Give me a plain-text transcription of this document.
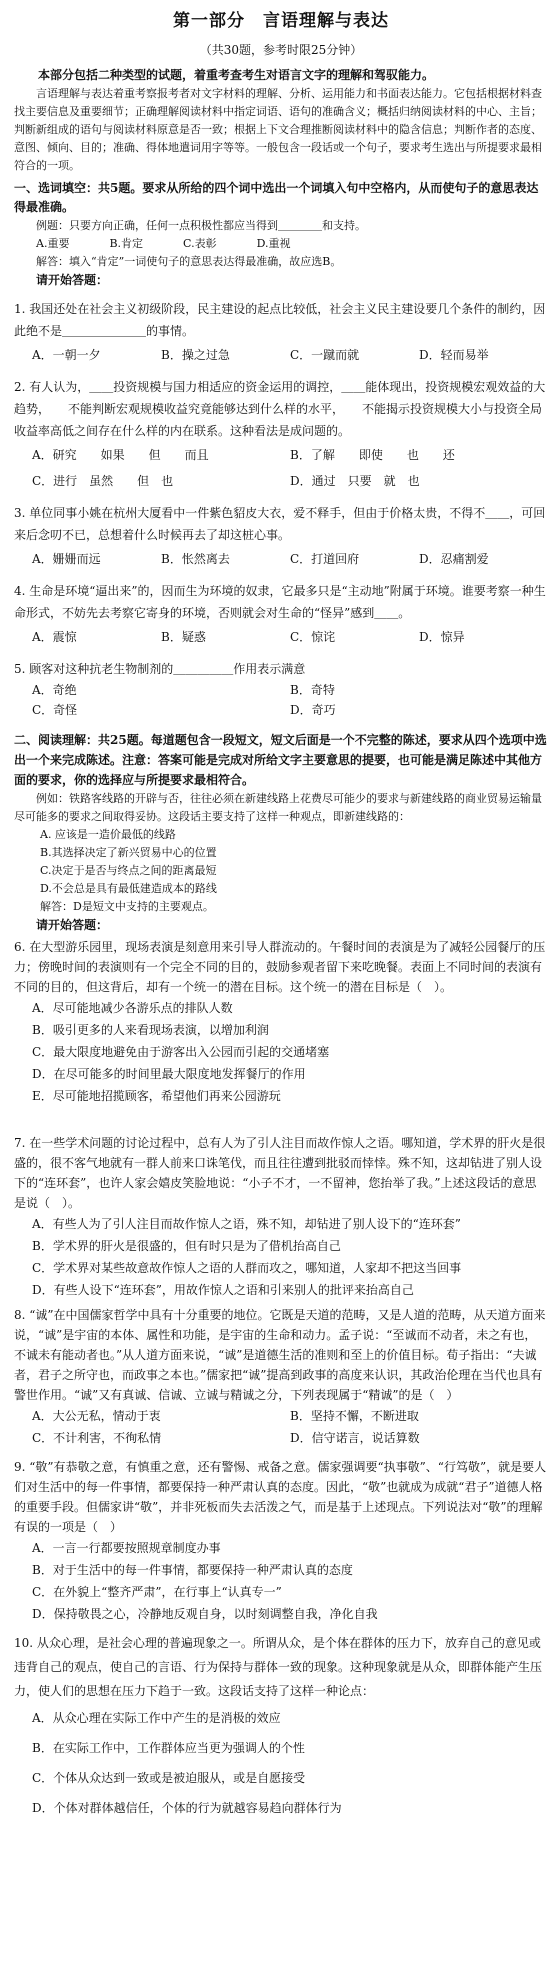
第一部分　言语理解与表达
（共30题，参考时限25分钟）
本部分包括二种类型的试题，着重考查考生对语言文字的理解和驾驭能力。
言语理解与表达着重考察报考者对文字材料的理解、分析、运用能力和书面表达能力。它包括根据材料查找主要信息及重要细节；正确理解阅读材料中指定词语、语句的准确含义；概括归纳阅读材料的中心、主旨；判断新组成的语句与阅读材料原意是否一致；根据上下文合理推断阅读材料中的隐含信息；判断作者的态度、意图、倾向、目的；准确、得体地遣词用字等等。一般包含一段话或一个句子，要求考生选出与所提要求最相符合的一项。
一、选词填空：共5题。要求从所给的四个词中选出一个词填入句中空格内，从而使句子的意思表达得最准确。
例题：只要方向正确，任何一点积极性都应当得到＿＿＿＿和支持。
A.重要	B.肯定	C.表彰	D.重视
解答：填入“肯定”一词使句子的意思表达得最准确，故应选B。
请开始答题：
1. 我国还处在社会主义初级阶段，民主建设的起点比较低，社会主义民主建设要几个条件的制约，因此绝不是＿＿＿＿＿＿＿的事情。
A．一朝一夕	B．操之过急	C．一蹴而就	D．轻而易举
2. 有人认为，＿＿投资规模与国力相适应的资金运用的调控，＿＿能体现出，投资规模宏观效益的大趋势，　　不能判断宏观规模收益究竟能够达到什么样的水平，　　不能揭示投资规模大小与投资全局收益率高低之间存在什么样的内在联系。这种看法是成问题的。
A．研究　　如果　　但　　而且	B．了解　　即使　　也　　还
C．进行　虽然　　但　也	D．通过　只要　就　也
3. 单位同事小姚在杭州大厦看中一件紫色貂皮大衣，爱不释手，但由于价格太贵，不得不＿＿，可回来后念叨不已，总想着什么时候再去了却这桩心事。
A．姗姗而远	B．怅然离去	C．打道回府	D．忍痛割爱
4. 生命是环境“逼出来”的，因而生为环境的奴隶，它最多只是“主动地”附属于环境。谁要考察一种生命形式，不妨先去考察它寄身的环境，否则就会对生命的“怪异”感到＿＿。
A．震惊	B．疑惑	C．惊诧	D．惊异
5. 顾客对这种抗老生物制剂的＿＿＿＿＿作用表示满意
A．奇绝	B．奇特
C．奇怪	D．奇巧
二、阅读理解：共25题。每道题包含一段短文，短文后面是一个不完整的陈述，要求从四个选项中选出一个来完成陈述。注意：答案可能是完成对所给文字主要意思的提要，也可能是满足陈述中其他方面的要求，你的选择应与所提要求最相符合。
例如：铁路客线路的开辟与否，往往必须在新建线路上花费尽可能少的要求与新建线路的商业贸易运输量尽可能多的要求之间取得妥协。这段话主要支持了这样一种观点，即新建线路的：
A. 应该是一造价最低的线路
B.其选择决定了新兴贸易中心的位置
C.决定于是否与终点之间的距离最短
D.不会总是具有最低建造成本的路线
解答：D是短文中支持的主要观点。
请开始答题：
6. 在大型游乐园里，现场表演是刻意用来引导人群流动的。午餐时间的表演是为了减轻公园餐厅的压力；傍晚时间的表演则有一个完全不同的目的，鼓励参观者留下来吃晚餐。表面上不同时间的表演有不同的目的，但这背后，却有一个统一的潜在目标。这个统一的潜在目标是（　）。
A．尽可能地减少各游乐点的排队人数
B．吸引更多的人来看现场表演，以增加利润
C．最大限度地避免由于游客出入公园而引起的交通堵塞
D．在尽可能多的时间里最大限度地发挥餐厅的作用
E．尽可能地招揽顾客，希望他们再来公园游玩
7. 在一些学术问题的讨论过程中，总有人为了引人注目而故作惊人之语。哪知道，学术界的肝火是很盛的，很不客气地就有一群人前来口诛笔伐，而且往往遭到批驳而悻悻。殊不知，这却钻进了别人设下的“连环套”，也许人家会嬉皮笑脸地说：“小子不才，一不留神，您抬举了我。”上述这段话的意思是说（　）。
A．有些人为了引人注目而故作惊人之语，殊不知，却钻进了别人设下的“连环套”
B．学术界的肝火是很盛的，但有时只是为了借机抬高自己
C．学术界对某些故意故作惊人之语的人群而攻之，哪知道，人家却不把这当回事
D．有些人设下“连环套”，用故作惊人之语和引来别人的批评来抬高自己
8. “诚”在中国儒家哲学中具有十分重要的地位。它既是天道的范畴，又是人道的范畴，从天道方面来说，“诚”是宇宙的本体、属性和功能，是宇宙的生命和动力。孟子说：“至诚而不动者，未之有也，不诚未有能动者也。”从人道方面来说，“诚”是道德生活的准则和至上的价值目标。荀子指出：“夫诚者，君子之所守也，而政事之本也。”儒家把“诚”提高到政事的高度来认识，其政治伦理在当代也具有警世作用。“诚”又有真诚、信诚、立诚与精诚之分，下列表现属于“精诚”的是（　）
A．大公无私，情动于衷	B．坚持不懈，不断进取
C．不计利害，不徇私情	D．信守诺言，说话算数
9. “敬”有恭敬之意，有慎重之意，还有警惕、戒备之意。儒家强调要“执事敬”、“行笃敬”，就是要人们对生活中的每一件事情，都要保持一种严肃认真的态度。因此，“敬”也就成为成就“君子”道德人格的重要手段。但儒家讲“敬”，并非死板而失去活泼之气，而是基于上述现点。下列说法对“敬”的理解有误的一项是（　）
A．一言一行都要按照规章制度办事
B．对于生活中的每一件事情，都要保持一种严肃认真的态度
C．在外貌上“整齐严肃”，在行事上“认真专一”
D．保持敬畏之心，冷静地反观自身，以时刻调整自我，净化自我
10. 从众心理，是社会心理的普遍现象之一。所谓从众，是个体在群体的压力下，放弃自己的意见或违背自己的观点，使自己的言语、行为保持与群体一致的现象。这种现象就是从众，即群体能产生压力，使人们的思想在压力下趋于一致。这段话支持了这样一种论点：
A．从众心理在实际工作中产生的是消极的效应
B．在实际工作中，工作群体应当更为强调人的个性
C．个体从众达到一致或是被迫服从，或是自愿接受
D．个体对群体越信任，个体的行为就越容易趋向群体行为
